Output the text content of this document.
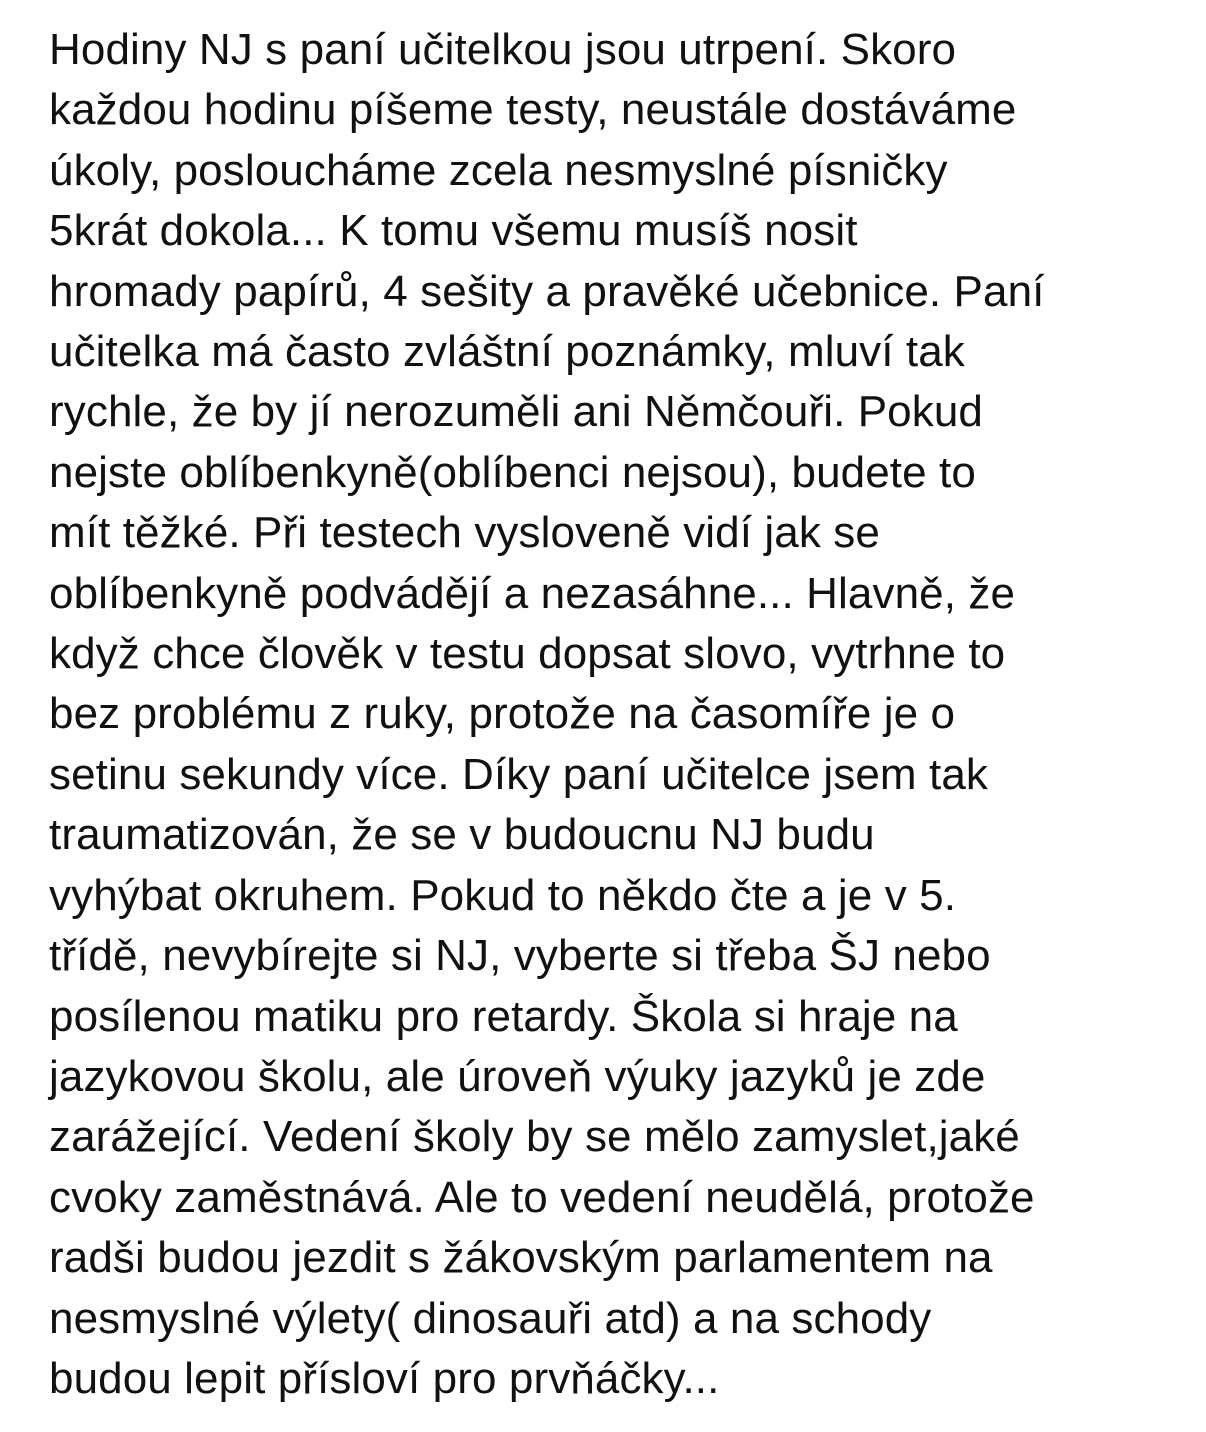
Hodiny NJ s paní učitelkou jsou utrpení. Skoro
každou hodinu píšeme testy, neustále dostáváme
úkoly, posloucháme zcela nesmyslné písničky
5krát dokola... K tomu všemu musíš nosit
hromady papírů, 4 sešity a pravěké učebnice. Paní
učitelka má často zvláštní poznámky, mluví tak
rychle, že by jí nerozuměli ani Němčouři. Pokud
nejste oblíbenkyně(oblíbenci nejsou), budete to
mít těžké. Při testech vysloveně vidí jak se
oblíbenkyně podvádějí a nezasáhne... Hlavně, že
když chce člověk v testu dopsat slovo, vytrhne to
bez problému z ruky, protože na časomíře je o
setinu sekundy více. Díky paní učitelce jsem tak
traumatizován, že se v budoucnu NJ budu
vyhýbat okruhem. Pokud to někdo čte a je v 5.
třídě, nevybírejte si NJ, vyberte si třeba ŠJ nebo
posílenou matiku pro retardy. Škola si hraje na
jazykovou školu, ale úroveň výuky jazyků je zde
zarážející. Vedení školy by se mělo zamyslet,jaké
cvoky zaměstnává. Ale to vedení neudělá, protože
radši budou jezdit s žákovským parlamentem na
nesmyslné výlety( dinosauři atd) a na schody
budou lepit přísloví pro prvňáčky...
